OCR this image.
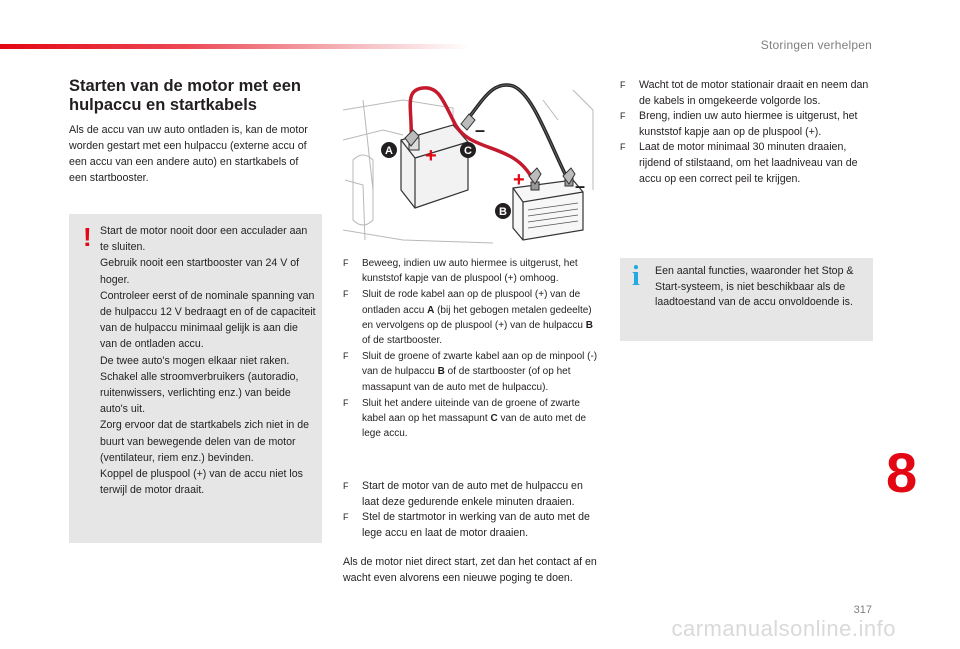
Storingen verhelpen
Starten van de motor met een hulpaccu en startkabels

Als de accu van uw auto ontladen is, kan de motor worden gestart met een hulpaccu (externe accu of een accu van een andere auto) en startkabels of een startbooster.

! Start de motor nooit door een acculader aan te sluiten.
Gebruik nooit een startbooster van 24 V of hoger.
Controleer eerst of de nominale spanning van de hulpaccu 12 V bedraagt en of de capaciteit van de hulpaccu minimaal gelijk is aan die van de ontladen accu.
De twee auto's mogen elkaar niet raken.
Schakel alle stroomverbruikers (autoradio, ruitenwissers, verlichting enz.) van beide auto's uit.
Zorg ervoor dat de startkabels zich niet in de buurt van bewegende delen van de motor (ventilateur, riem enz.) bevinden.
Koppel de pluspool (+) van de accu niet los terwijl de motor draait.

+
–
+	–
A	C
B
F Beweeg, indien uw auto hiermee is uitgerust, het kunststof kapje van de pluspool (+) omhoog.
F Sluit de rode kabel aan op de pluspool (+) van de ontladen accu A (bij het gebogen metalen gedeelte) en vervolgens op de pluspool (+) van de hulpaccu B of de startbooster.
F Sluit de groene of zwarte kabel aan op de minpool (-) van de hulpaccu B of de startbooster (of op het massapunt van de auto met de hulpaccu).
F Sluit het andere uiteinde van de groene of zwarte kabel aan op het massapunt C van de auto met de lege accu.
F Start de motor van de auto met de hulpaccu en laat deze gedurende enkele minuten draaien.
F Stel de startmotor in werking van de auto met de lege accu en laat de motor draaien.

Als de motor niet direct start, zet dan het contact af en wacht even alvorens een nieuwe poging te doen.

F Wacht tot de motor stationair draait en neem dan de kabels in omgekeerde volgorde los.
F Breng, indien uw auto hiermee is uitgerust, het kunststof kapje aan op de pluspool (+).
F Laat de motor minimaal 30 minuten draaien, rijdend of stilstaand, om het laadniveau van de accu op een correct peil te krijgen.
i Een aantal functies, waaronder het Stop & Start-systeem, is niet beschikbaar als de laadtoestand van de accu onvoldoende is.

8
317
carmanualsonline.info
